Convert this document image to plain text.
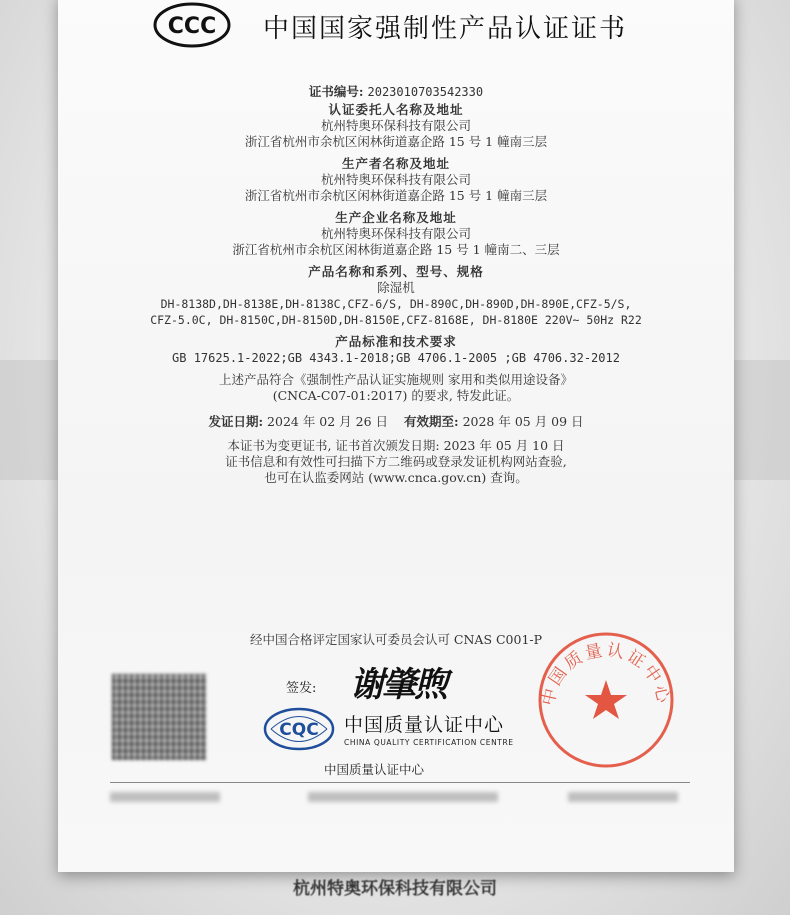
CCC 中国国家强制性产品认证证书
证书编号: 2023010703542330
认证委托人名称及地址
杭州特奥环保科技有限公司
浙江省杭州市余杭区闲林街道嘉企路 15 号 1 幢南三层
生产者名称及地址
杭州特奥环保科技有限公司
浙江省杭州市余杭区闲林街道嘉企路 15 号 1 幢南三层
生产企业名称及地址
杭州特奥环保科技有限公司
浙江省杭州市余杭区闲林街道嘉企路 15 号 1 幢南二、三层
产品名称和系列、型号、规格
除湿机
DH-8138D,DH-8138E,DH-8138C,CFZ-6/S, DH-890C,DH-890D,DH-890E,CFZ-5/S,
CFZ-5.0C, DH-8150C,DH-8150D,DH-8150E,CFZ-8168E, DH-8180E 220V~ 50Hz R22
产品标准和技术要求
GB 17625.1-2022;GB 4343.1-2018;GB 4706.1-2005 ;GB 4706.32-2012
上述产品符合《强制性产品认证实施规则 家用和类似用途设备》
(CNCA-C07-01:2017) 的要求, 特发此证。
发证日期: 2024 年 02 月 26 日 有效期至: 2028 年 05 月 09 日
本证书为变更证书, 证书首次颁发日期: 2023 年 05 月 10 日
证书信息和有效性可扫描下方二维码或登录发证机构网站查验,
也可在认监委网站 (www.cnca.gov.cn) 查询。
经中国合格评定国家认可委员会认可 CNAS C001-P
签发: 谢肇煦
CQC 中国质量认证中心
CHINA QUALITY CERTIFICATION CENTRE
中国质量认证中心
中国质量认证中心
杭州特奥环保科技有限公司
